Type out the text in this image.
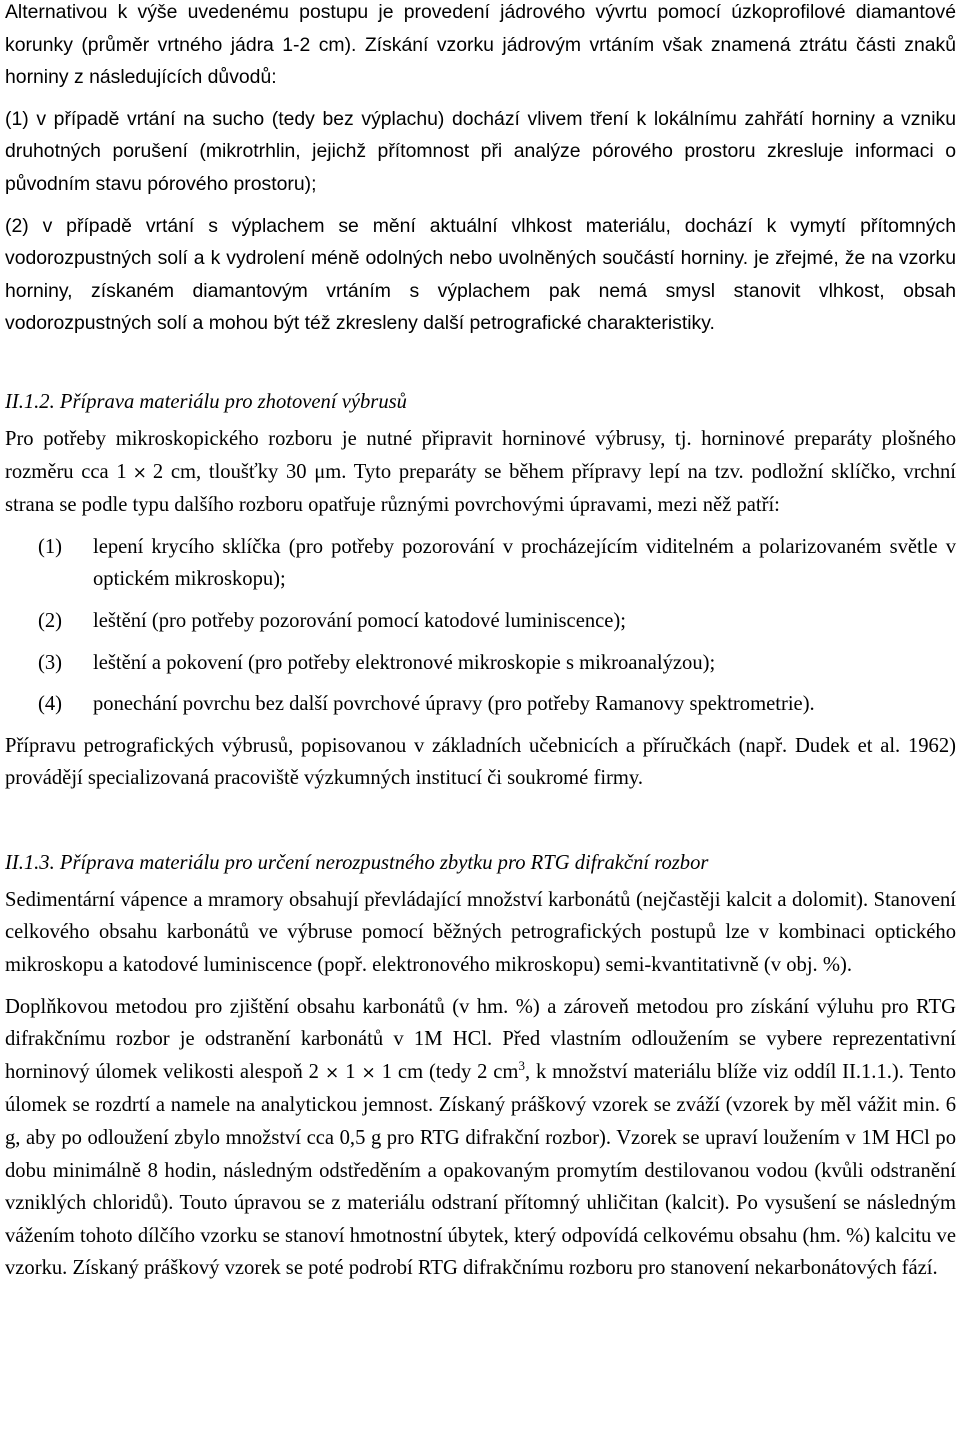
Alternativou k výše uvedenému postupu je provedení jádrového vývrtu pomocí úzkoprofilové diamantové korunky (průměr vrtného jádra 1-2 cm). Získání vzorku jádrovým vrtáním však znamená ztrátu části znaků horniny z následujících důvodů:

(1) v případě vrtání na sucho (tedy bez výplachu) dochází vlivem tření k lokálnímu zahřátí horniny a vzniku druhotných porušení (mikrotrhlin, jejichž přítomnost při analýze pórového prostoru zkresluje informaci o původním stavu pórového prostoru);

(2) v případě vrtání s výplachem se mění aktuální vlhkost materiálu, dochází k vymytí přítomných vodorozpustných solí a k vydrolení méně odolných nebo uvolněných součástí horniny. je zřejmé, že na vzorku horniny, získaném diamantovým vrtáním s výplachem pak nemá smysl stanovit vlhkost, obsah vodorozpustných solí a mohou být též zkresleny další petrografické charakteristiky.

II.1.2. Příprava materiálu pro zhotovení výbrusů

Pro potřeby mikroskopického rozboru je nutné připravit horninové výbrusy, tj. horninové preparáty plošného rozměru cca 1 × 2 cm, tloušťky 30 μm. Tyto preparáty se během přípravy lepí na tzv. podložní sklíčko, vrchní strana se podle typu dalšího rozboru opatřuje různými povrchovými úpravami, mezi něž patří:

(1)	lepení krycího sklíčka (pro potřeby pozorování v procházejícím viditelném a polarizovaném světle v optickém mikroskopu);
(2)	leštění (pro potřeby pozorování pomocí katodové luminiscence);
(3)	leštění a pokovení (pro potřeby elektronové mikroskopie s mikroanalýzou);
(4)	ponechání povrchu bez další povrchové úpravy (pro potřeby Ramanovy spektrometrie).

Přípravu petrografických výbrusů, popisovanou v základních učebnicích a příručkách (např. Dudek et al. 1962) provádějí specializovaná pracoviště výzkumných institucí či soukromé firmy.

II.1.3. Příprava materiálu pro určení nerozpustného zbytku pro RTG difrakční rozbor

Sedimentární vápence a mramory obsahují převládající množství karbonátů (nejčastěji kalcit a dolomit). Stanovení celkového obsahu karbonátů ve výbruse pomocí běžných petrografických postupů lze v kombinaci optického mikroskopu a katodové luminiscence (popř. elektronového mikroskopu) semi-kvantitativně (v obj. %).

Doplňkovou metodou pro zjištění obsahu karbonátů (v hm. %) a zároveň metodou pro získání výluhu pro RTG difrakčnímu rozbor je odstranění karbonátů v 1M HCl. Před vlastním odloužením se vybere reprezentativní horninový úlomek velikosti alespoň 2 × 1 × 1 cm (tedy 2 $cm^3$, k množství materiálu blíže viz oddíl II.1.1.). Tento úlomek se rozdrtí a namele na analytickou jemnost. Získaný práškový vzorek se zváží (vzorek by měl vážit min. 6 g, aby po odloužení zbylo množství cca 0,5 g pro RTG difrakční rozbor). Vzorek se upraví loužením v 1M HCl po dobu minimálně 8 hodin, následným odstředěním a opakovaným promytím destilovanou vodou (kvůli odstranění vzniklých chloridů). Touto úpravou se z materiálu odstraní přítomný uhličitan (kalcit). Po vysušení se následným vážením tohoto dílčího vzorku se stanoví hmotnostní úbytek, který odpovídá celkovému obsahu (hm. %) kalcitu ve vzorku. Získaný práškový vzorek se poté podrobí RTG difrakčnímu rozboru pro stanovení nekarbonátových fází.
